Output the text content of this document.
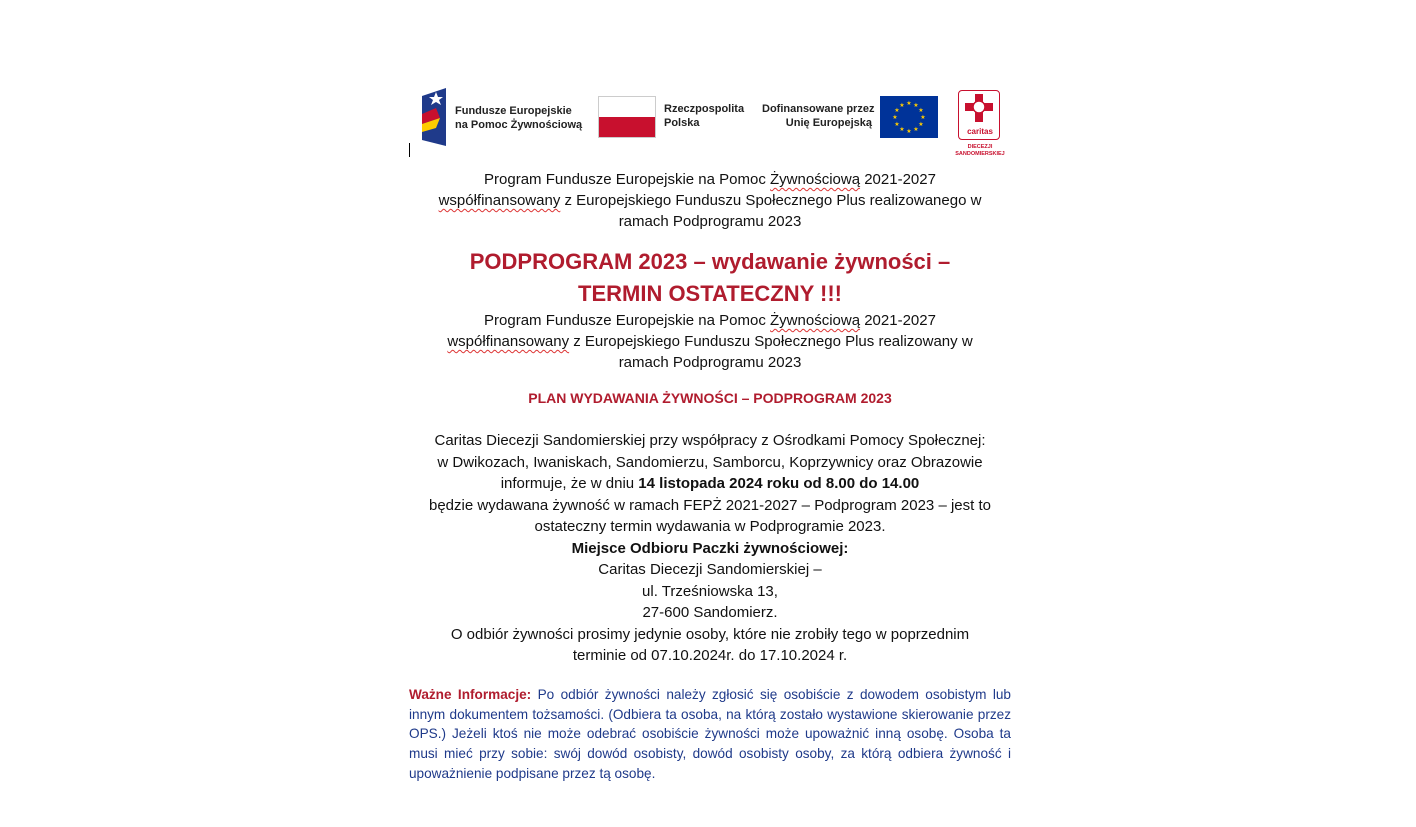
Fundusze Europejskie
na Pomoc Żywnościową
Rzeczpospolita
Polska
Dofinansowane przez
Unię Europejską
★ ★
★
★
★
★
★
★
★
★
★
★
caritas
DIECEZJI
SANDOMIERSKIEJ
Program Fundusze Europejskie na Pomoc Żywnościową 2021-2027
współfinansowany z Europejskiego Funduszu Społecznego Plus realizowanego w
ramach Podprogramu 2023
PODPROGRAM 2023 – wydawanie żywności –
TERMIN OSTATECZNY !!!
Program Fundusze Europejskie na Pomoc Żywnościową 2021-2027
współfinansowany z Europejskiego Funduszu Społecznego Plus realizowany w
ramach Podprogramu 2023
PLAN WYDAWANIA ŻYWNOŚCI – PODPROGRAM 2023
Caritas Diecezji Sandomierskiej przy współpracy z Ośrodkami Pomocy Społecznej:
w Dwikozach, Iwaniskach, Sandomierzu, Samborcu, Koprzywnicy oraz Obrazowie
informuje, że w dniu 14 listopada 2024 roku od 8.00 do 14.00
będzie wydawana żywność w ramach FEPŻ 2021-2027 – Podprogram 2023 – jest to
ostateczny termin wydawania w Podprogramie 2023.
Miejsce Odbioru Paczki żywnościowej:
Caritas Diecezji Sandomierskiej –
ul. Trześniowska 13,
27-600 Sandomierz.
O odbiór żywności prosimy jedynie osoby, które nie zrobiły tego w poprzednim
terminie od 07.10.2024r. do 17.10.2024 r.
Ważne Informacje: Po odbiór żywności należy zgłosić się osobiście z dowodem osobistym lub innym dokumentem tożsamości. (Odbiera ta osoba, na którą zostało wystawione skierowanie przez OPS.) Jeżeli ktoś nie może odebrać osobiście żywności może upoważnić inną osobę. Osoba ta musi mieć przy sobie: swój dowód osobisty, dowód osobisty osoby, za którą odbiera żywność i upoważnienie podpisane przez tą osobę.
